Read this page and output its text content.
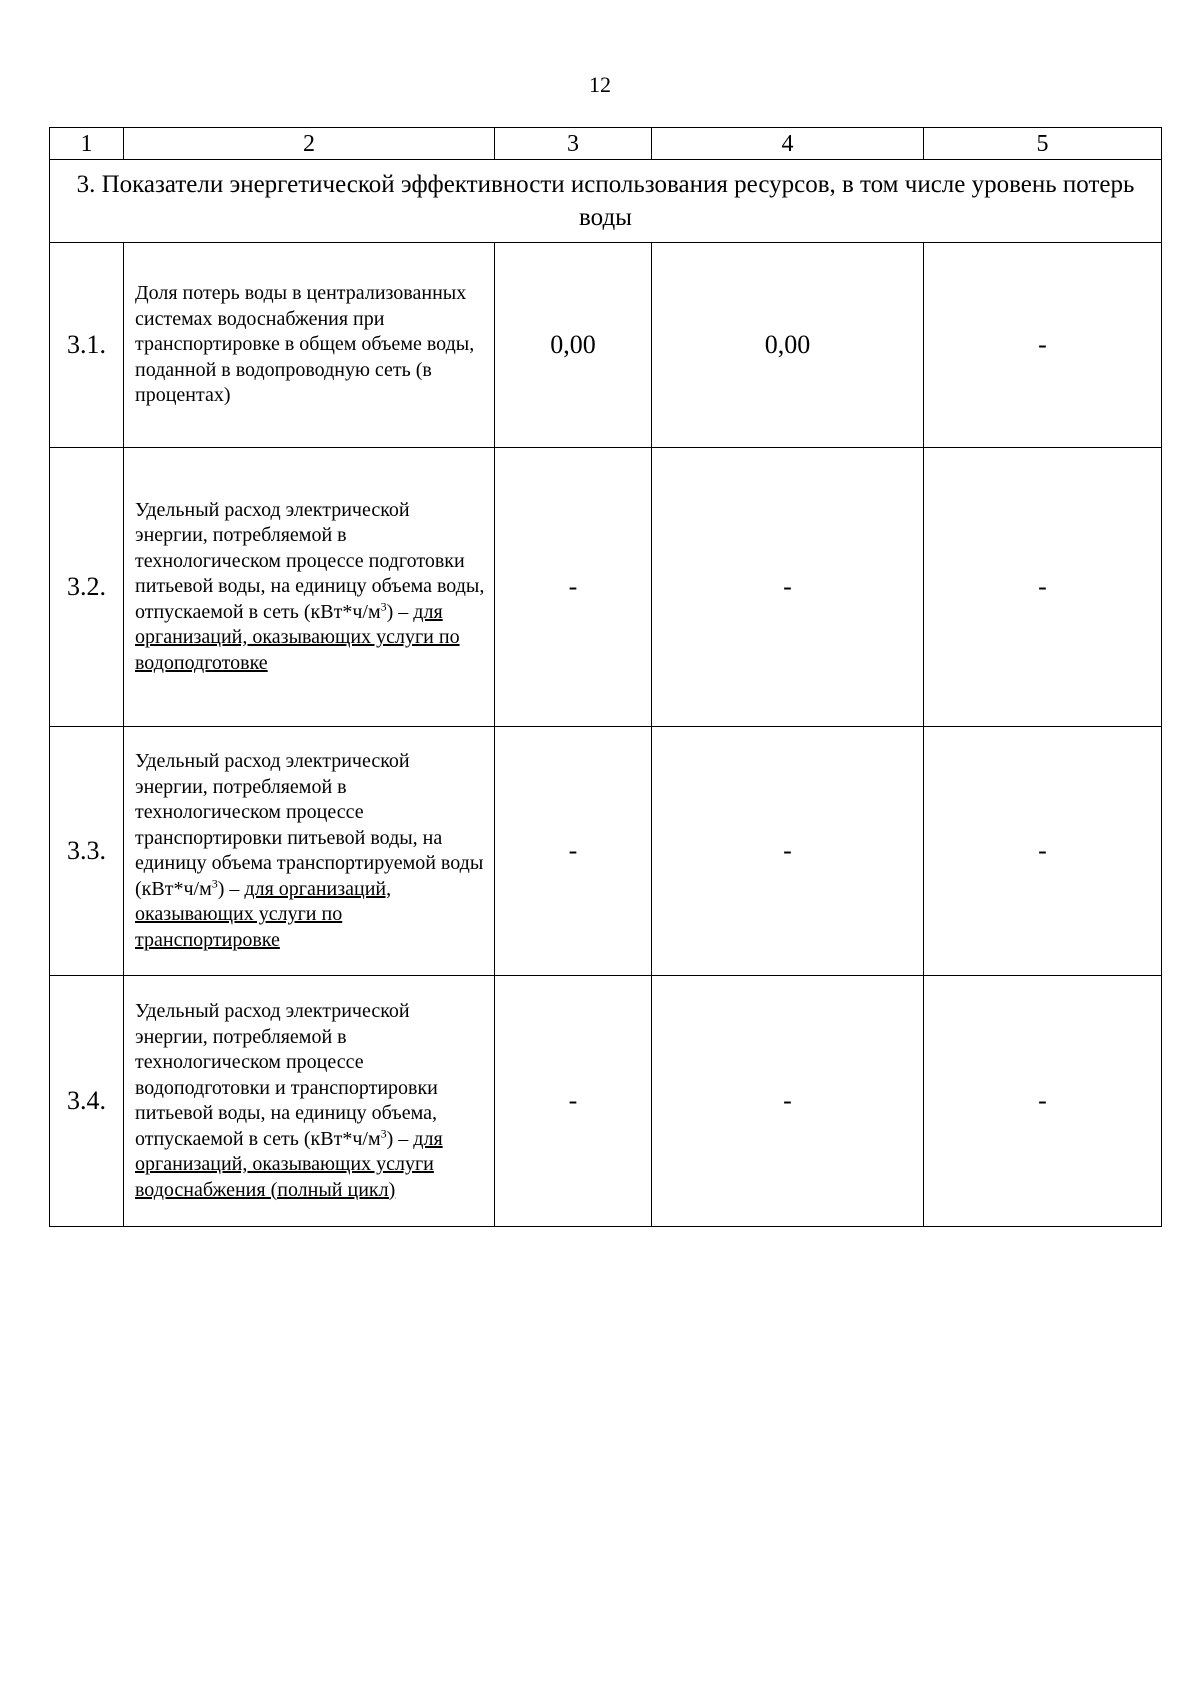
12
1	2	3	4	5
3. Показатели энергетической эффективности использования ресурсов, в том числе уровень потерь воды				
3.1.	Доля потерь воды в централизованных системах водоснабжения при транспортировке в общем объеме воды, поданной в водопроводную сеть (в процентах)	0,00	0,00	-
3.2.	Удельный расход электрической энергии, потребляемой в технологическом процессе подготовки питьевой воды, на единицу объема воды, отпускаемой в сеть $(кВт*ч/м^3)$ – для организаций, оказывающих услуги по водоподготовке	-	-	-
3.3.	Удельный расход электрической энергии, потребляемой в технологическом процессе транспортировки питьевой воды, на единицу объема транспортируемой воды $(кВт*ч/м^3)$ – для организаций, оказывающих услуги по транспортировке	-	-	-
3.4.	Удельный расход электрической энергии, потребляемой в технологическом процессе водоподготовки и транспортировки питьевой воды, на единицу объема, отпускаемой в сеть $(кВт*ч/м^3)$ – для организаций, оказывающих услуги водоснабжения (полный цикл)	-	-	-
